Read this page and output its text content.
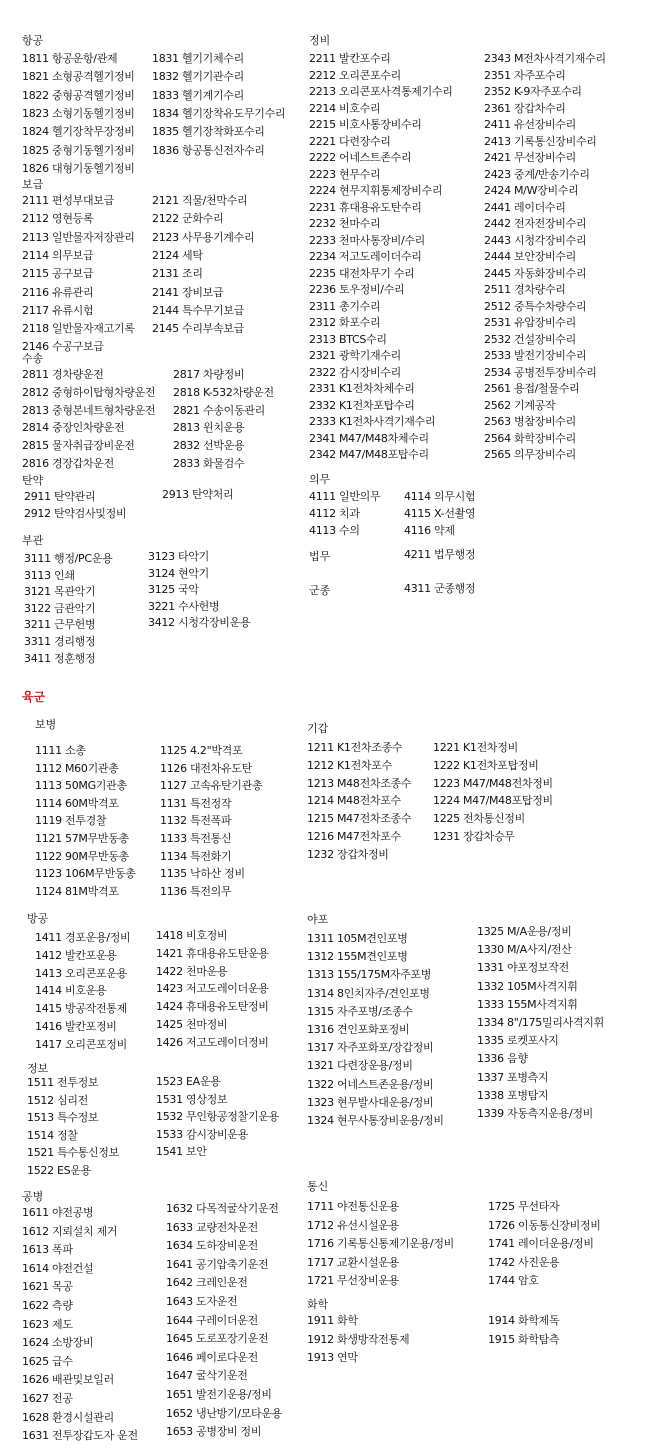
항공
1811 항공운항/관제
1821 소형공격헬기정비
1822 중형공격헬기정비
1823 소형기동헬기정비
1824 헬기장착무장정비
1825 중형기동헬기정비
1826 대형기동헬기정비
1831 헬기기체수리
1832 헬기기관수리
1833 헬기계기수리
1834 헬기장착유도무기수리
1835 헬기장착화포수리
1836 항공통신전자수리
보급
2111 편성부대보급
2112 영현등록
2113 일반물자저장관리
2114 의무보급
2115 공구보급
2116 유류관리
2117 유류시험
2118 일반물자재고기록
2146 수공구보급
2121 직물/천막수리
2122 군화수리
2123 사무용기계수리
2124 세탁
2131 조리
2141 장비보급
2144 특수무기보급
2145 수리부속보급
수송
2811 경차량운전
2812 중형하이탑형차량운전
2813 중형본네트형차량운전
2814 중장인차량운전
2815 물자취급장비운전
2816 경장갑차운전
2817 차량정비
2818 K-532차량운전
2821 수송이동관리
2813 윈치운용
2832 선박운용
2833 화물검수
탄약
2911 탄약관리
2912 탄약검사및정비
2913 탄약처리
부관
3111 행정/PC운용
3113 인쇄
3121 목관악기
3122 금관악기
3211 근무헌병
3311 경리행정
3411 정훈행정
3123 타악기
3124 현악기
3125 국악
3221 수사헌병
3412 시청각장비운용
정비
2211 발칸포수리
2212 오리콘포수리
2213 오리콘포사격통제기수리
2214 비호수리
2215 비호사통장비수리
2221 다련장수리
2222 어네스트존수리
2223 현무수리
2224 현무지휘통제장비수리
2231 휴대용유도탄수리
2232 천마수리
2233 천마사통장비/수리
2234 저고도레이더수리
2235 대전차무기 수리
2236 토우정비/수리
2311 총기수리
2312 화포수리
2313 BTCS수리
2321 광학기재수리
2322 감시장비수리
2331 K1전차차체수리
2332 K1전차포탑수리
2333 K1전차사격기재수리
2341 M47/M48차체수리
2342 M47/M48포탑수리
2343 M전차사격기재수리
2351 자주포수리
2352 K-9자주포수리
2361 장갑차수리
2411 유선장비수리
2413 기록통신장비수리
2421 무선장비수리
2423 중계/반송기수리
2424 M/W장비수리
2441 레이더수리
2442 전자전장비수리
2443 시청각장비수리
2444 보안장비수리
2445 자동화장비수리
2511 경차량수리
2512 중특수차량수리
2531 유압장비수리
2532 건설장비수리
2533 발전기장비수리
2534 공병전투장비수리
2561 용접/철물수리
2562 기계공작
2563 병참장비수리
2564 화학장비수리
2565 의무장비수리
의무
4111 일반의무
4112 치과
4113 수의
4114 의무시험
4115 X-선촬영
4116 약제
법무	4211 법무행정
군종	4311 군종행정
육군
보병
1111 소총
1112 M60기관총
1113 50MG기관총
1114 60M박격포
1119 전투경찰
1121 57M무반동총
1122 90M무반동총
1123 106M무반동총
1124 81M박격포
1125 4.2"박격포
1126 대전차유도탄
1127 고속유탄기관총
1131 특전정작
1132 특전폭파
1133 특전통신
1134 특전화기
1135 낙하산 정비
1136 특전의무
방공
1411 경포운용/정비
1412 발칸포운용
1413 오리콘포운용
1414 비호운용
1415 방공작전통제
1416 발칸포정비
1417 오리콘포정비
1418 비호정비
1421 휴대용유도탄운용
1422 천마운용
1423 저고도레이더운용
1424 휴대용유도탄정비
1425 천마정비
1426 저고도레이더정비
정보
1511 전투정보
1512 심리전
1513 특수정보
1514 정찰
1521 특수통신정보
1522 ES운용
1523 EA운용
1531 영상정보
1532 무인항공정찰기운용
1533 감시장비운용
1541 보안
공병
1611 야전공병
1612 지뢰설치 제거
1613 폭파
1614 야전건설
1621 목공
1622 측량
1623 제도
1624 소방장비
1625 급수
1626 배관및보일러
1627 전공
1628 환경시설관리
1631 전투장갑도자 운전
1632 다목적굴삭기운전
1633 교량전차운전
1634 도하장비운전
1641 공기압축기운전
1642 크레인운전
1643 도자운전
1644 구레이더운전
1645 도로포장기운전
1646 페이로다운전
1647 굴삭기운전
1651 발전기운용/정비
1652 냉난방기/모타운용
1653 공병장비 정비
기갑
1211 K1전차조종수
1212 K1전차포수
1213 M48전차조종수
1214 M48전차포수
1215 M47전차조종수
1216 M47전차포수
1232 장갑차정비
1221 K1전차정비
1222 K1전차포탑정비
1223 M47/M48전차정비
1224 M47/M48포탑정비
1225 전차통신정비
1231 장갑차승무
야포
1311 105M견인포병
1312 155M견인포병
1313 155/175M자주포병
1314 8인치자주/견인포병
1315 자주포병/조종수
1316 견인포화포정비
1317 자주포화포/장갑정비
1321 다련장운용/정비
1322 어네스트존운용/정비
1323 현무발사대운용/정비
1324 현무사통장비운용/정비
1325 M/A운용/정비
1330 M/A사지/전산
1331 야포정보작전
1332 105M사격지휘
1333 155M사격지휘
1334 8"/175밀리사격지휘
1335 로켓포사지
1336 음향
1337 포병측지
1338 포병탐지
1339 자동측지운용/정비
통신
1711 야전통신운용
1712 유선시설운용
1716 기록통신통제기운용/정비
1717 교환시설운용
1721 무선장비운용
1725 무선타자
1726 이동통신장비정비
1741 레이더운용/정비
1742 사진운용
1744 암호
화학
1911 화학
1912 화생방작전통제
1913 연막
1914 화학제독
1915 화학탐측
